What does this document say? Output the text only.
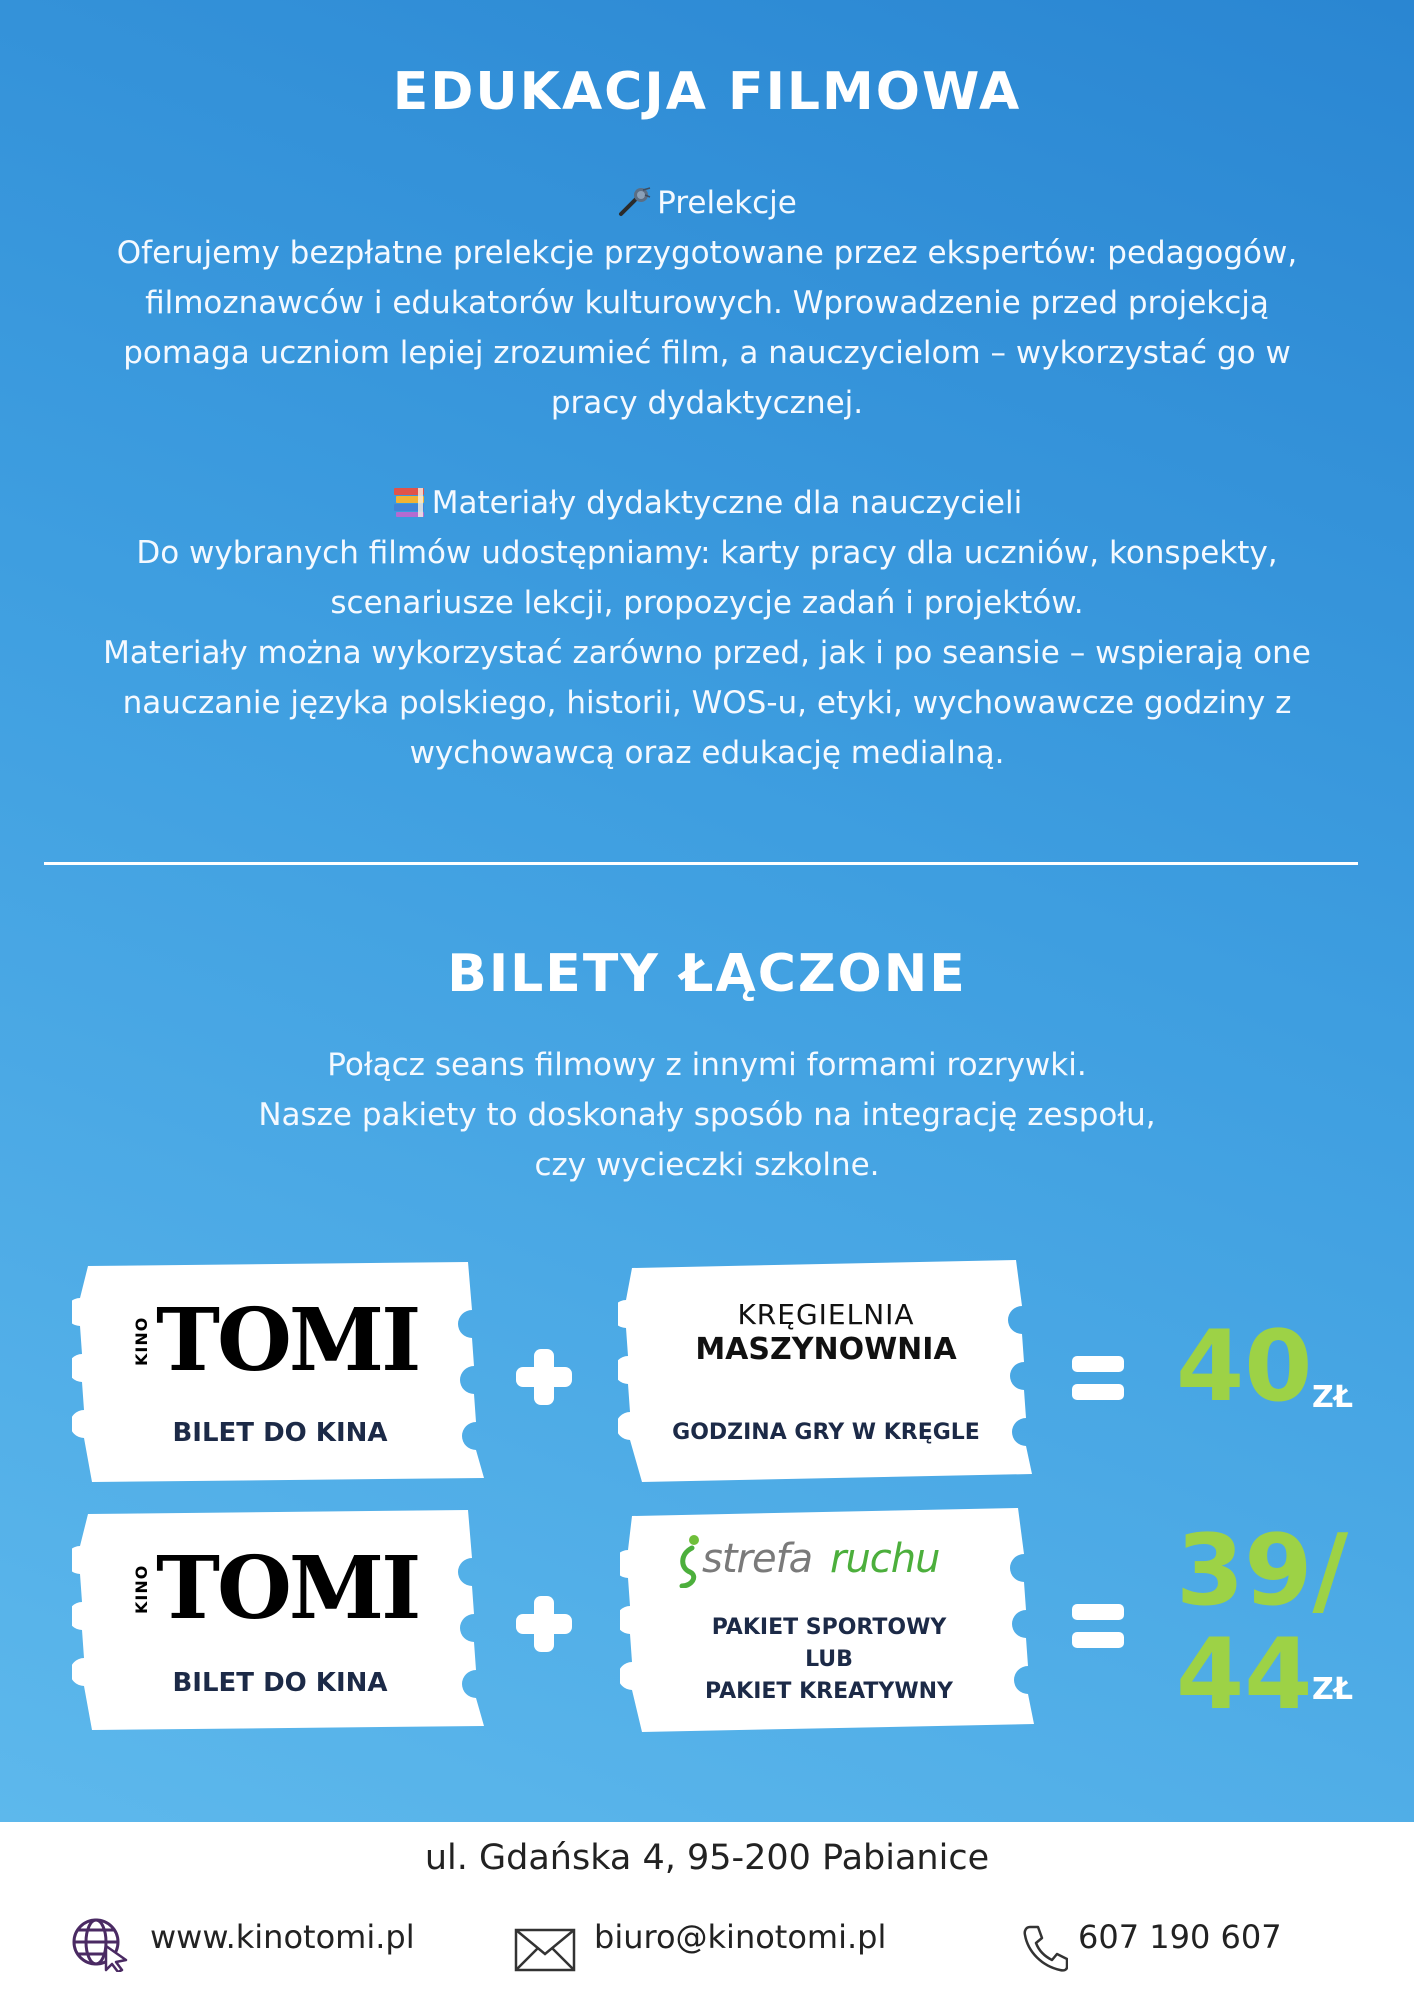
EDUKACJA FILMOWA
Prelekcje
Oferujemy bezpłatne prelekcje przygotowane przez ekspertów: pedagogów,
filmoznawców i edukatorów kulturowych. Wprowadzenie przed projekcją
pomaga uczniom lepiej zrozumieć film, a nauczycielom – wykorzystać go w
pracy dydaktycznej.
Materiały dydaktyczne dla nauczycieli
Do wybranych filmów udostępniamy: karty pracy dla uczniów, konspekty,
scenariusze lekcji, propozycje zadań i projektów.
Materiały można wykorzystać zarówno przed, jak i po seansie – wspierają one
nauczanie języka polskiego, historii, WOS-u, etyki, wychowawcze godziny z
wychowawcą oraz edukację medialną.
BILETY ŁĄCZONE
Połącz seans filmowy z innymi formami rozrywki.
Nasze pakiety to doskonały sposób na integrację zespołu,
czy wycieczki szkolne.
KINO TOMI
BILET DO KINA
KRĘGIELNIA
MASZYNOWNIA
GODZINA GRY W KRĘGLE
40 ZŁ
KINO TOMI
BILET DO KINA
strefa ruchu
PAKIET SPORTOWY
LUB
PAKIET KREATYWNY
39/
44 ZŁ
ul. Gdańska 4, 95-200 Pabianice
www.kinotomi.pl	biuro@kinotomi.pl	607 190 607
